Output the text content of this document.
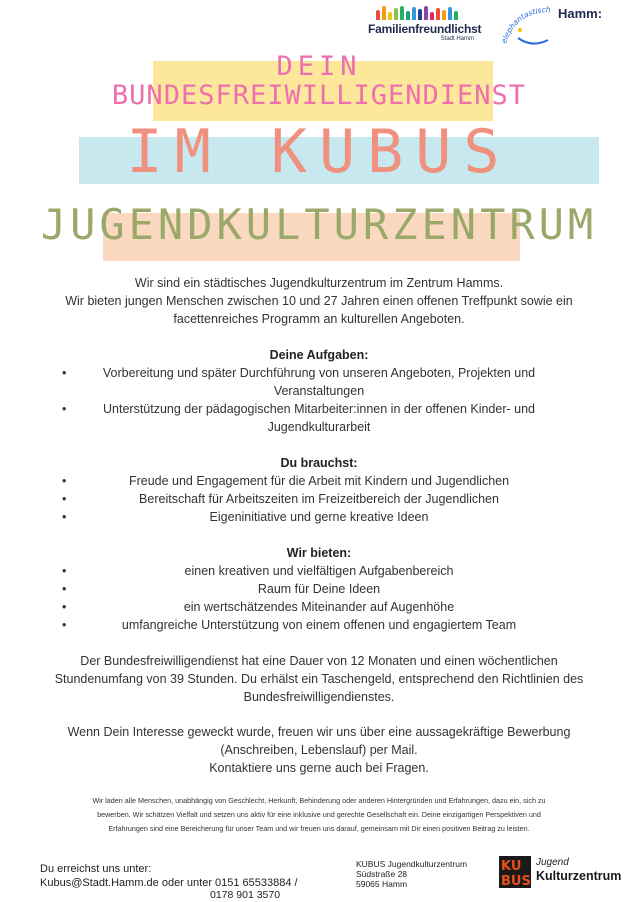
Familienfreundlichst
Stadt Hamm	elephantastisch Hamm:
DEIN
BUNDESFREIWILLIGENDIENST
IM KUBUS
JUGENDKULTURZENTRUM
Wir sind ein städtisches Jugendkulturzentrum im Zentrum Hamms.
Wir bieten jungen Menschen zwischen 10 und 27 Jahren einen offenen Treffpunkt sowie ein
facettenreiches Programm an kulturellen Angeboten.
Deine Aufgaben:
•	Vorbereitung und später Durchführung von unseren Angeboten, Projekten und Veranstaltungen
•	Unterstützung der pädagogischen Mitarbeiter:innen in der offenen Kinder- und Jugendkulturarbeit
Du brauchst:
•	Freude und Engagement für die Arbeit mit Kindern und Jugendlichen
•	Bereitschaft für Arbeitszeiten im Freizeitbereich der Jugendlichen
•	Eigeninitiative und gerne kreative Ideen
Wir bieten:
•	einen kreativen und vielfältigen Aufgabenbereich
•	Raum für Deine Ideen
•	ein wertschätzendes Miteinander auf Augenhöhe
•	umfangreiche Unterstützung von einem offenen und engagiertem Team
Der Bundesfreiwilligendienst hat eine Dauer von 12 Monaten und einen wöchentlichen
Stundenumfang von 39 Stunden. Du erhälst ein Taschengeld, entsprechend den Richtlinien des
Bundesfreiwilligendienstes.
Wenn Dein Interesse geweckt wurde, freuen wir uns über eine aussagekräftige Bewerbung
(Anschreiben, Lebenslauf) per Mail.
Kontaktiere uns gerne auch bei Fragen.
Wir laden alle Menschen, unabhängig von Geschlecht, Herkunft, Behinderung oder anderen Hintergründen und Erfahrungen, dazu ein, sich zu
bewerben. Wir schätzen Vielfalt und setzen uns aktiv für eine inklusive und gerechte Gesellschaft ein. Deine einzigartigen Perspektiven und
Erfahrungen sind eine Bereicherung für unser Team und wir freuen uns darauf, gemeinsam mit Dir einen positiven Beitrag zu leisten.
Du erreichst uns unter:
Kubus@Stadt.Hamm.de oder unter 0151 65533884 /
0178 901 3570
KUBUS Jugendkulturzentrum
Südstraße 28
59065 Hamm
KU
BUS
Jugend
Kulturzentrum
